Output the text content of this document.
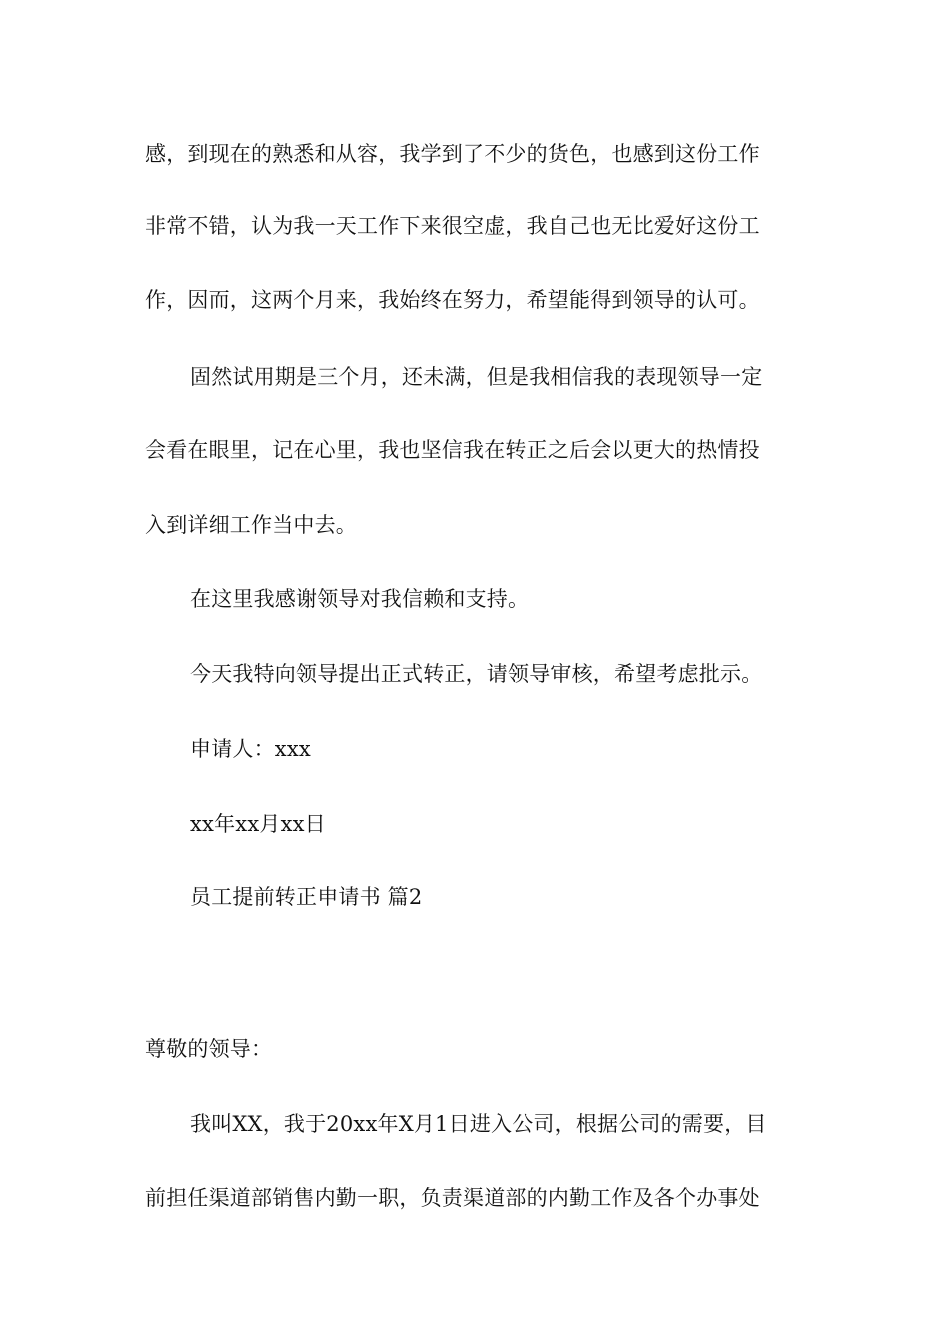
感，到现在的熟悉和从容，我学到了不少的货色，也感到这份工作
非常不错，认为我一天工作下来很空虚，我自己也无比爱好这份工
作，因而，这两个月来，我始终在努力，希望能得到领导的认可。
固然试用期是三个月，还未满，但是我相信我的表现领导一定
会看在眼里，记在心里，我也坚信我在转正之后会以更大的热情投
入到详细工作当中去。
在这里我感谢领导对我信赖和支持。
今天我特向领导提出正式转正，请领导审核，希望考虑批示。
申请人：xxx
xx年xx月xx日
员工提前转正申请书 篇2
尊敬的领导：
我叫XX，我于20xx年X月1日进入公司，根据公司的需要，目
前担任渠道部销售内勤一职，负责渠道部的内勤工作及各个办事处
